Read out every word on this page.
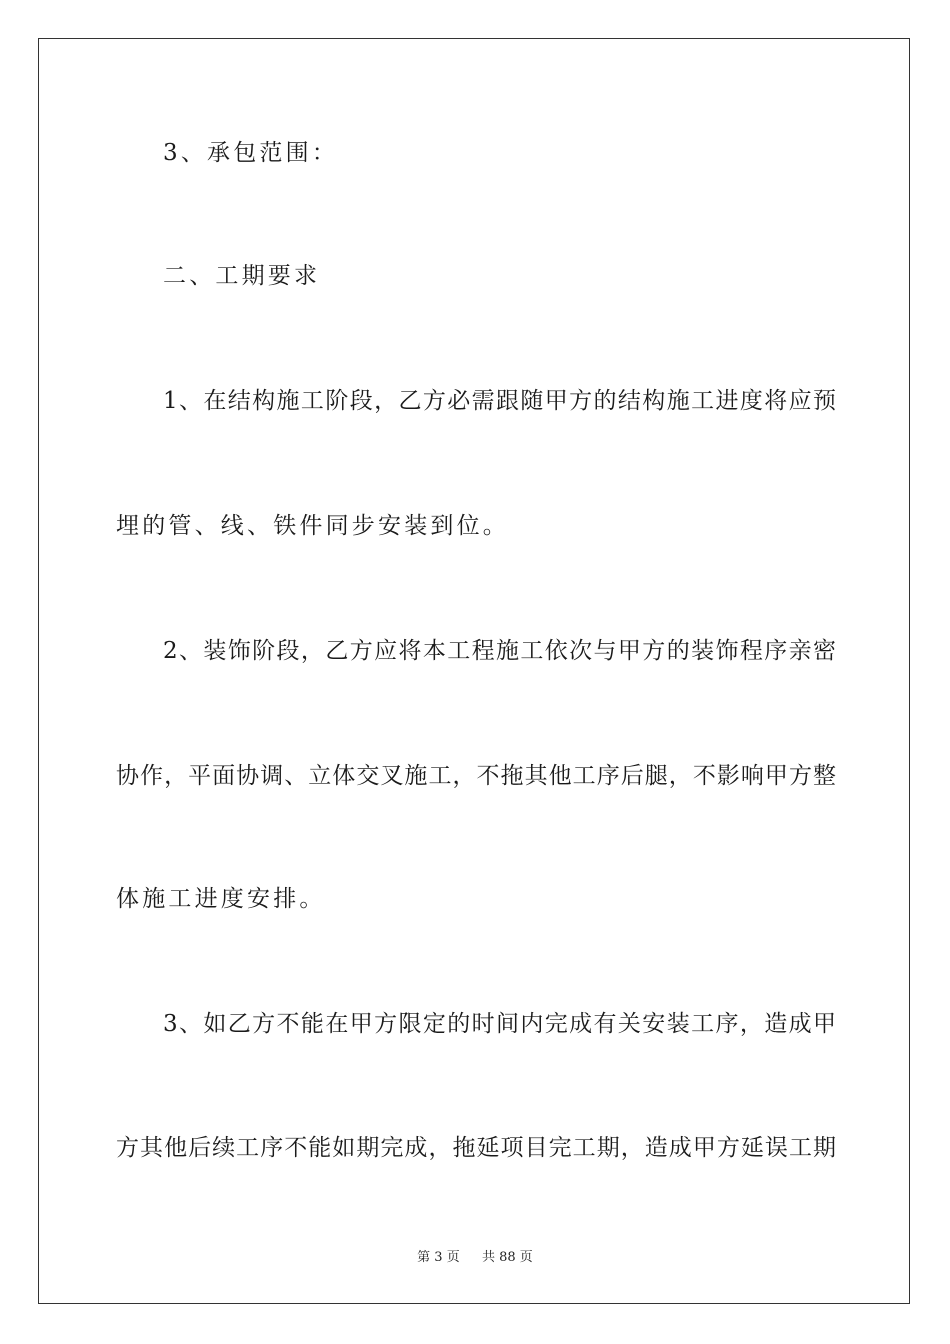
3、承包范围：
二、工期要求
1、在结构施工阶段，乙方必需跟随甲方的结构施工进度将应预
埋的管、线、铁件同步安装到位。
2、装饰阶段，乙方应将本工程施工依次与甲方的装饰程序亲密
协作，平面协调、立体交叉施工，不拖其他工序后腿，不影响甲方整
体施工进度安排。
3、如乙方不能在甲方限定的时间内完成有关安装工序，造成甲
方其他后续工序不能如期完成，拖延项目完工期，造成甲方延误工期
第 3 页 共 88 页
